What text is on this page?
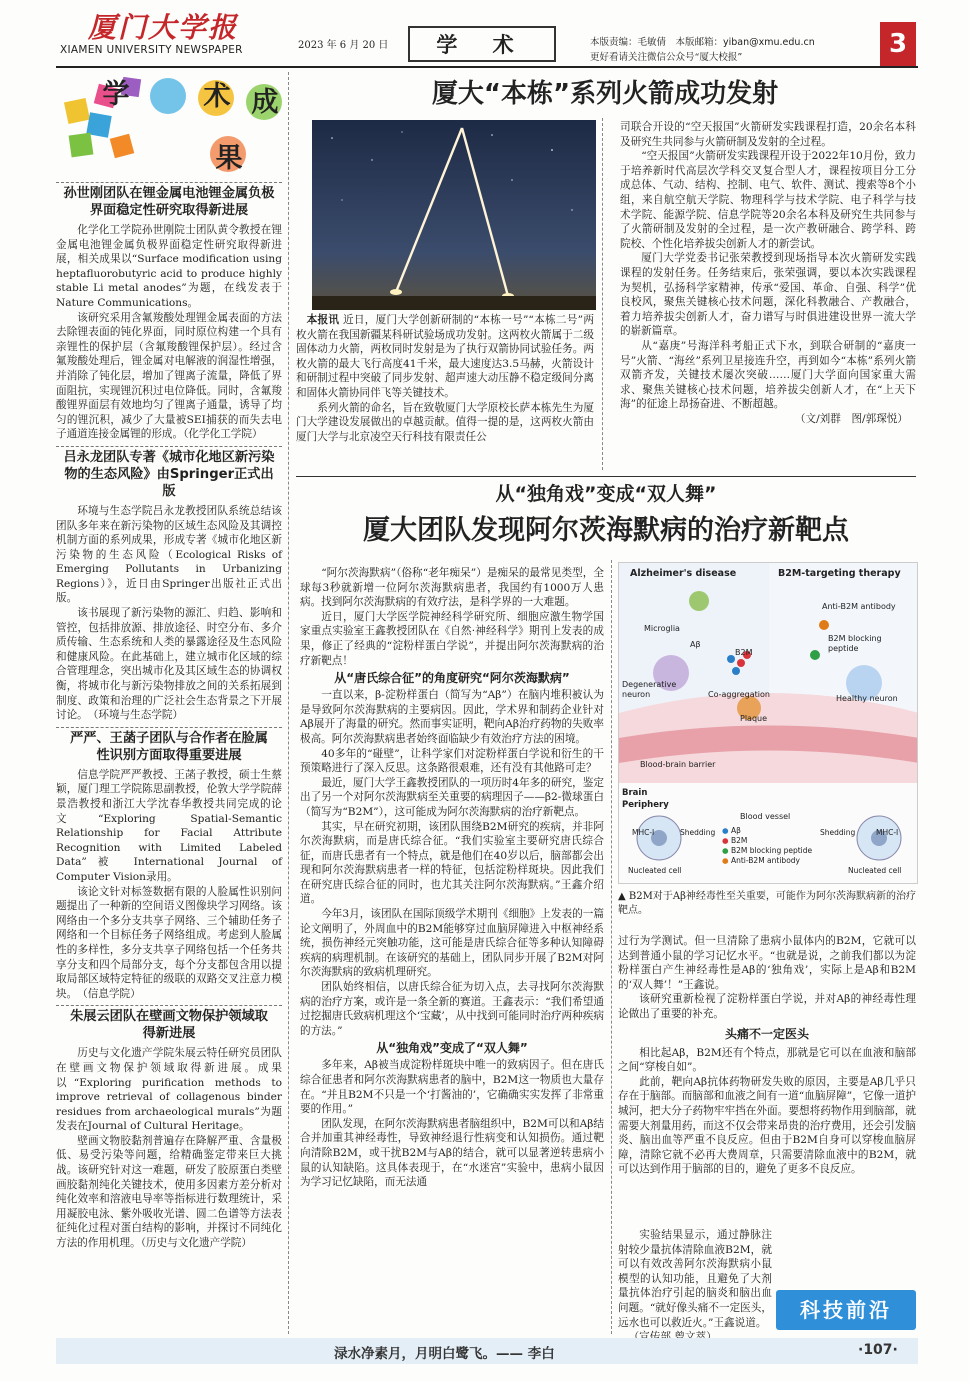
厦门大学报
XIAMEN UNIVERSITY NEWSPAPER	2023 年 6 月 20 日	学 术	本版责编：毛敏倩　本版邮箱：yiban@xmu.edu.cn
更好看请关注微信公众号“厦大校报”	3
学	术 成
果
孙世刚团队在锂金属电池锂金属负极界面稳定性研究取得新进展

化学化工学院孙世刚院士团队黄令教授在锂金属电池锂金属负极界面稳定性研究取得新进展，相关成果以“Surface modification using heptafluorobutyric acid to produce highly stable Li metal anodes”为题，在线发表于Nature Communications。

该研究采用含氟羧酸处理锂金属表面的方法去除锂表面的钝化界面，同时原位构建一个具有亲锂性的保护层（含氟羧酸锂保护层）。经过含氟羧酸处理后，锂金属对电解液的润湿性增强，并消除了钝化层，增加了锂离子流量，降低了界面阻抗，实现锂沉积过电位降低。同时，含氟羧酸锂界面层有效地均匀了锂离子通量，诱导了均匀的锂沉积，减少了大量被SEI捕获的而失去电子通道连接金属锂的形成。（化学化工学院）

吕永龙团队专著《城市化地区新污染物的生态风险》由Springer正式出版

环境与生态学院吕永龙教授团队系统总结该团队多年来在新污染物的区域生态风险及其调控机制方面的系列成果，形成专著《城市化地区新污染物的生态风险（Ecological Risks of Emerging Pollutants in Urbanizing Regions）》，近日由Springer出版社正式出版。

该书展现了新污染物的源汇、归趋、影响和管控，包括排放源、排放途径、时空分布、多介质传输、生态系统和人类的暴露途径及生态风险和健康风险。在此基础上，建立城市化区域的综合管理理念，突出城市化及其区域生态的协调权衡，将城市化与新污染物排放之间的关系拓展到制度、政策和治理的广泛社会生态背景之下开展讨论。　（环境与生态学院）

严严、王菡子团队与合作者在脸属性识别方面取得重要进展

信息学院严严教授、王菡子教授，硕士生蔡颖，厦门理工学院陈思副教授，伦敦大学学院薛景浩教授和浙江大学沈春华教授共同完成的论文“Exploring Spatial-Semantic Relationship for Facial Attribute Recognition with Limited Labeled Data”被 International Journal of Computer Vision录用。

该论文针对标签数据有限的人脸属性识别问题提出了一种新的空间语义图像块学习网络。该网络由一个多分支共享子网络、三个辅助任务子网络和一个目标任务子网络组成。考虑到人脸属性的多样性，多分支共享子网络包括一个任务共享分支和四个局部分支，每个分支都包含用以提取局部区域特定特征的级联的双路交叉注意力模块。　（信息学院）

朱展云团队在壁画文物保护领域取得新进展

历史与文化遗产学院朱展云特任研究员团队在壁画文物保护领域取得新进展。成果以“Exploring purification methods to improve retrieval of collagenous binder residues from archaeological murals”为题发表在Journal of Cultural Heritage。

壁画文物胶黏剂普遍存在降解严重、含量极低、易受污染等问题，给精确鉴定带来巨大挑战。该研究针对这一难题，研发了胶原蛋白类壁画胶黏剂纯化关键技术，使用多因素方差分析对纯化效率和溶液电导率等指标进行数理统计，采用凝胶电泳、紫外吸收光谱、圆二色谱等方法表征纯化过程对蛋白结构的影响，并探讨不同纯化方法的作用机理。（历史与文化遗产学院）

厦大“本栋”系列火箭成功发射
本报讯 近日，厦门大学创新研制的“本栋一号”“本栋二号”两枚火箭在我国新疆某科研试验场成功发射。这两枚火箭属于二级固体动力火箭，两枚同时发射是为了执行双箭协同试验任务。两枚火箭的最大飞行高度41千米，最大速度达3.5马赫，火箭设计和研制过程中突破了同步发射、超声速大动压静不稳定级间分离和固体火箭协同伴飞等关键技术。

系列火箭的命名，旨在致敬厦门大学原校长萨本栋先生为厦门大学建设发展做出的卓越贡献。值得一提的是，这两枚火箭由厦门大学与北京凌空天行科技有限责任公

司联合开设的“空天报国”火箭研发实践课程打造，20余名本科及研究生共同参与火箭研制及发射的全过程。

“空天报国”火箭研发实践课程开设于2022年10月份，致力于培养新时代高层次学科交叉复合型人才，课程按项目分工分成总体、气动、结构、控制、电气、软件、测试、搜索等8个小组，来自航空航天学院、物理科学与技术学院、电子科学与技术学院、能源学院、信息学院等20余名本科及研究生共同参与了火箭研制及发射的全过程，是一次产教研融合、跨学科、跨院校、个性化培养拔尖创新人才的新尝试。

厦门大学党委书记张荣教授到现场指导本次火箭研发实践课程的发射任务。任务结束后，张荣强调，要以本次实践课程为契机，弘扬科学家精神，传承“爱国、革命、自强、科学”优良校风，聚焦关键核心技术问题，深化科教融合、产教融合，着力培养拔尖创新人才，奋力谱写与时俱进建设世界一流大学的崭新篇章。

从“嘉庚”号海洋科考船正式下水，到联合研制的“嘉庚一号”火箭、“海丝”系列卫星接连升空，再到如今“本栋”系列火箭双箭齐发，关键技术屡次突破……厦门大学面向国家重大需求、聚焦关键核心技术问题，培养拔尖创新人才，在“上天下海”的征途上昂扬奋进、不断超越。

（文/刘群　图/郭琛悦）
从“独角戏”变成“双人舞”
厦大团队发现阿尔茨海默病的治疗新靶点

“阿尔茨海默病”（俗称“老年痴呆”）是痴呆的最常见类型，全球每3秒就新增一位阿尔茨海默病患者，我国约有1000万人患病。找到阿尔茨海默病的有效疗法，是科学界的一大难题。

近日，厦门大学医学院神经科学研究所、细胞应激生物学国家重点实验室王鑫教授团队在《自然·神经科学》期刊上发表的成果，修正了经典的“淀粉样蛋白学说”，并提出阿尔茨海默病的治疗新靶点！

从“唐氏综合征”的角度研究“阿尔茨海默病”

一直以来，β-淀粉样蛋白（简写为“Aβ”）在脑内堆积被认为是导致阿尔茨海默病的主要病因。因此，学术界和制药企业针对Aβ展开了海量的研究。然而事实证明，靶向Aβ治疗药物的失败率极高。阿尔茨海默病患者始终面临缺少有效治疗方法的困境。

40多年的“碰壁”，让科学家们对淀粉样蛋白学说和衍生的干预策略进行了深入反思。这条路很艰难，还有没有其他路可走？

最近，厦门大学王鑫教授团队的一项历时4年多的研究，鉴定出了另一个对阿尔茨海默病至关重要的病理因子——β2-微球蛋白（简写为“B2M”），这可能成为阿尔茨海默病的治疗新靶点。

其实，早在研究初期，该团队围绕B2M研究的疾病，并非阿尔茨海默病，而是唐氏综合征。“我们实验室主要研究唐氏综合征，而唐氏患者有一个特点，就是他们在40岁以后，脑部都会出现和阿尔茨海默病患者一样的特征，包括淀粉样斑块。因此我们在研究唐氏综合征的同时，也尤其关注阿尔茨海默病。”王鑫介绍道。

今年3月，该团队在国际顶级学术期刊《细胞》上发表的一篇论文阐明了，外周血中的B2M能够穿过血脑屏障进入中枢神经系统，损伤神经元突触功能，这可能是唐氏综合征等多种认知障碍疾病的病理机制。在该研究的基础上，团队同步开展了B2M对阿尔茨海默病的致病机理研究。

团队始终相信，以唐氏综合征为切入点，去寻找阿尔茨海默病的治疗方案，或许是一条全新的赛道。王鑫表示：“我们希望通过挖掘唐氏致病机理这个‘宝藏’，从中找到可能同时治疗两种疾病的方法。”

从“独角戏”变成了“双人舞”

多年来，Aβ被当成淀粉样斑块中唯一的致病因子。但在唐氏综合征患者和阿尔茨海默病患者的脑中，B2M这一物质也大量存在。“并且B2M不只是一个‘打酱油的’，它确确实实发挥了非常重要的作用。”

团队发现，在阿尔茨海默病患者脑组织中，B2M可以和Aβ结合并加重其神经毒性，导致神经退行性病变和认知损伤。通过靶向清除B2M，或干扰B2M与Aβ的结合，就可以显著逆转患病小鼠的认知缺陷。这具体表现于，在“水迷宫”实验中，患病小鼠因为学习记忆缺陷，而无法通

Alzheimer's disease	B2M-targeting therapy
Microglia
Aβ
B2M
Degenerative neuron	Co-aggregation
Plaque
Anti-B2M antibody
B2M blocking peptide
Healthy neuron
Blood-brain barrier
Brain
Periphery
Blood vessel
MHC-I	Shedding	Shedding	MHC-I
Nucleated cell	Nucleated cell
● Aβ
● B2M
● B2M blocking peptide
● Anti-B2M antibody
▲ B2M对于Aβ神经毒性至关重要，可能作为阿尔茨海默病新的治疗靶点。
过行为学测试。但一旦清除了患病小鼠体内的B2M，它就可以达到普通小鼠的学习记忆水平。“也就是说，之前我们都以为淀粉样蛋白产生神经毒性是Aβ的‘独角戏’，实际上是Aβ和B2M的‘双人舞’！”王鑫说。

该研究重新检视了淀粉样蛋白学说，并对Aβ的神经毒性理论做出了重要的补充。

头痛不一定医头

相比起Aβ，B2M还有个特点，那就是它可以在血液和脑部之间“穿梭自如”。

此前，靶向Aβ抗体药物研发失败的原因，主要是Aβ几乎只存在于脑部。而脑部和血液之间有一道“血脑屏障”，它像一道护城河，把大分子药物牢牢挡在外面。要想将药物作用到脑部，就需要大剂量用药，而这不仅会带来昂贵的治疗费用，还会引发脑炎、脑出血等严重不良反应。但由于B2M自身可以穿梭血脑屏障，清除它就不必再大费周章，只需要清除血液中的B2M，就可以达到作用于脑部的目的，避免了更多不良反应。

实验结果显示，通过静脉注射较少量抗体清除血液B2M，就可以有效改善阿尔茨海默病小鼠模型的认知功能，且避免了大剂量抗体治疗引起的脑炎和脑出血问题。“就好像头痛不一定医头，远水也可以救近火。”王鑫说道。

科技前沿
渌水净素月，月明白鹭飞。—— 李白	·107·
